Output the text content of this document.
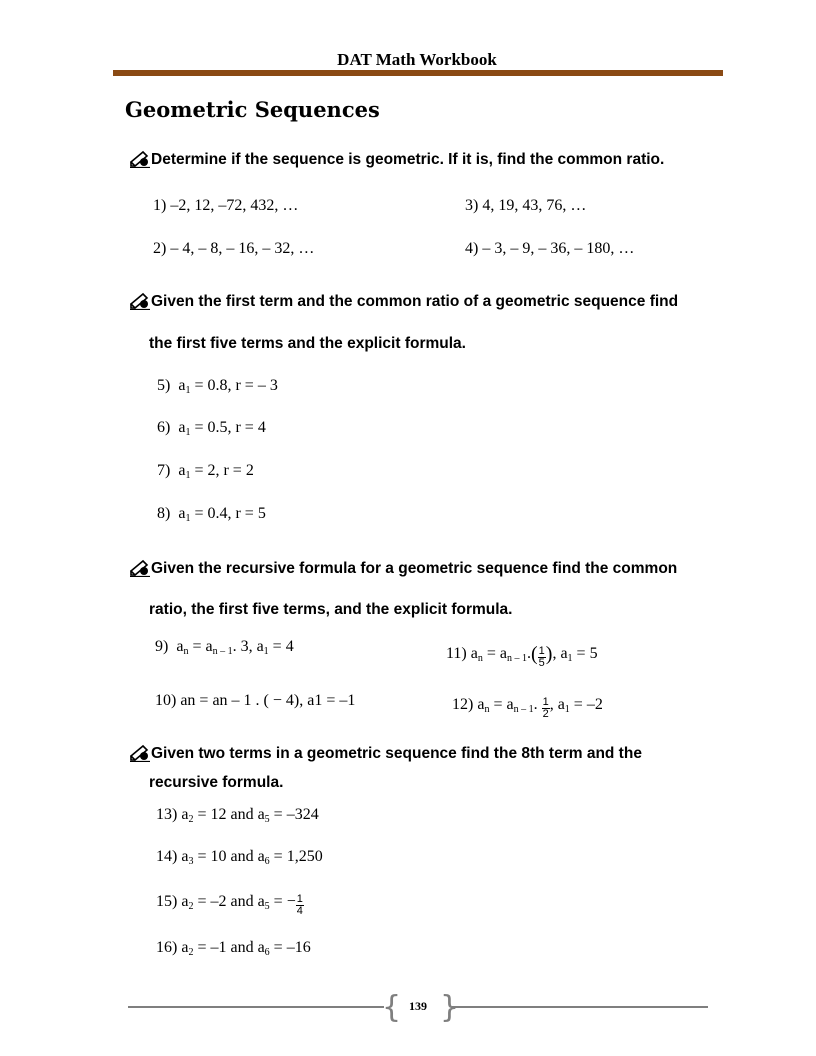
DAT Math Workbook
Geometric Sequences
Determine if the sequence is geometric. If it is, find the common ratio.
1) –2, 12, –72, 432, …	3) 4, 19, 43, 76, …
2) – 4, – 8, – 16, – 32, …	4) – 3, – 9, – 36, – 180, …
Given the first term and the common ratio of a geometric sequence find
the first five terms and the explicit formula.
5) $a_1 = 0.8$, r = – 3
6) $a_1 = 0.5$, r = 4
7) $a_1 = 2$, r = 2
8) $a_1 = 0.4$, r = 5
Given the recursive formula for a geometric sequence find the common
ratio, the first five terms, and the explicit formula.
9) $a_n = a_{n - 1}$. 3, $a_1 = 4$	11) $a_n = a_{n - 1}.( \frac{1}{5}$ ), $a_1 = 5$
10) an = an – 1 . ( − 4), a1 = –1	12) $a_n = a_{n - 1}$. $\frac{1}{2}$ , $a_1 = -2$
Given two terms in a geometric sequence find the 8th term and the
recursive formula.
13) $a_2 = 12$ and $a_5 = -324$
14) $a_3 = 10$ and $a_6 = 1,250$
15) $a_2 = -2$ and $a_5$ = − $\frac{1}{4}$
16) $a_2 = -1$ and $a_6 = -16$
{ }
139
